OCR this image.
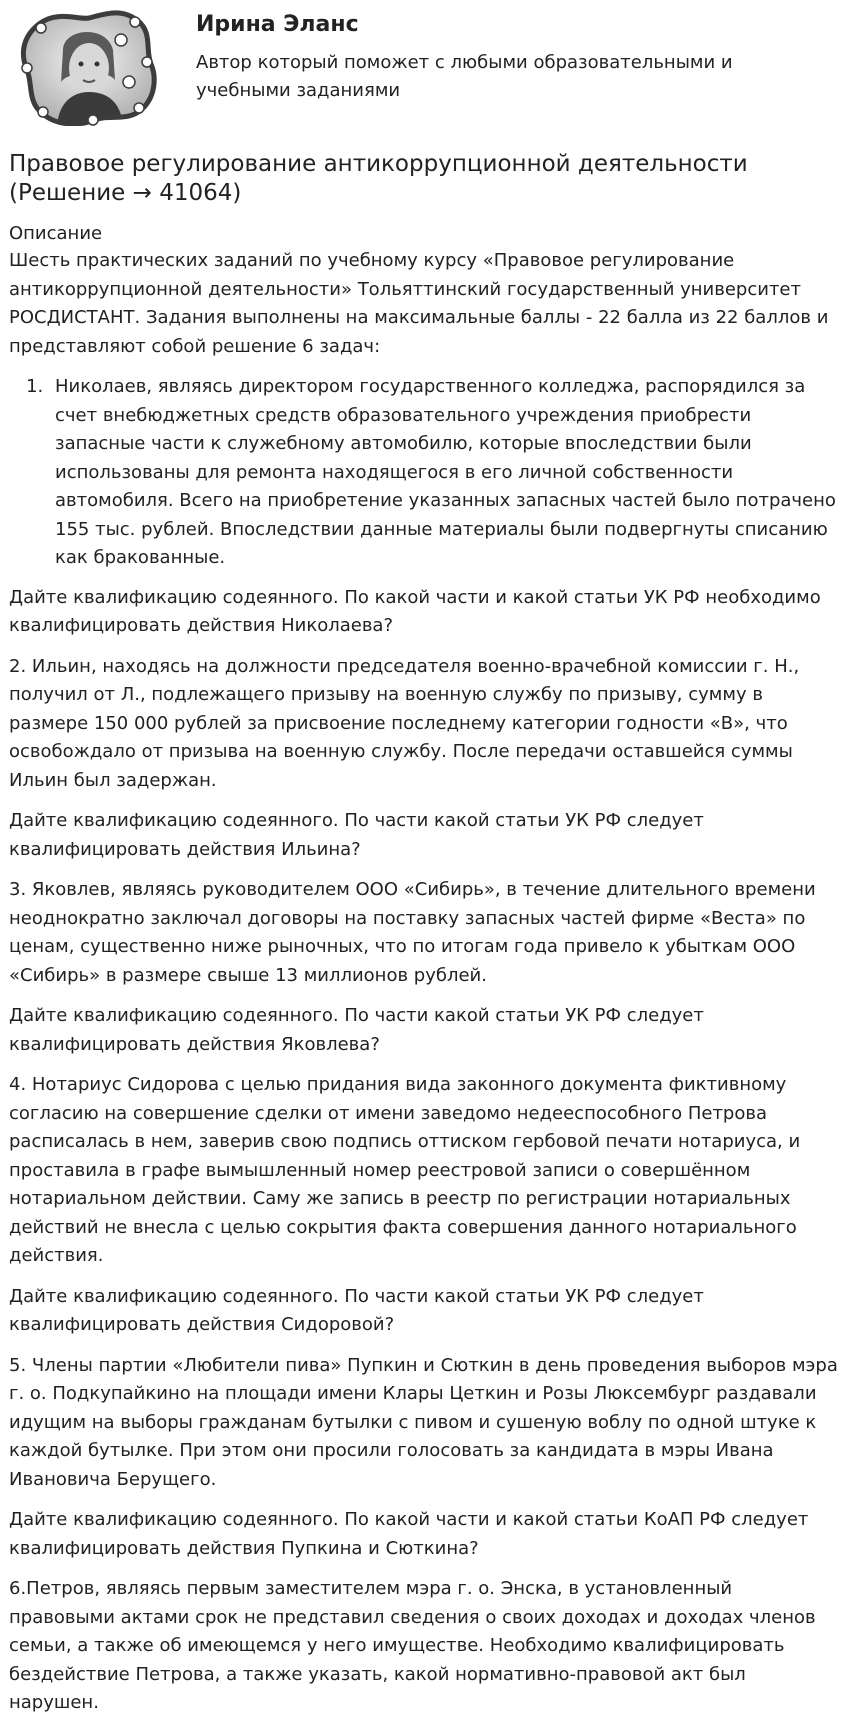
Ирина Эланс

Автор который поможет с любыми образовательными и учебными заданиями

Правовое регулирование антикоррупционной деятельности (Решение → 41064)
Описание

Шесть практических заданий по учебному курсу «Правовое регулирование антикоррупционной деятельности» Тольяттинский государственный университет РОСДИСТАНТ. Задания выполнены на максимальные баллы - 22 балла из 22 баллов и представляют собой решение 6 задач:

1. Николаев, являясь директором государственного колледжа, распорядился за счет внебюджетных средств образовательного учреждения приобрести запасные части к служебному автомобилю, которые впоследствии были использованы для ремонта находящегося в его личной собственности автомобиля. Всего на приобретение указанных запасных частей было потрачено 155 тыс. рублей. Впоследствии данные материалы были подвергнуты списанию как бракованные.

Дайте квалификацию содеянного. По какой части и какой статьи УК РФ необходимо квалифицировать действия Николаева?

2. Ильин, находясь на должности председателя военно-врачебной комиссии г. Н., получил от Л., подлежащего призыву на военную службу по призыву, сумму в размере 150 000 рублей за присвоение последнему категории годности «В», что освобождало от призыва на военную службу. После передачи оставшейся суммы Ильин был задержан.

Дайте квалификацию содеянного. По части какой статьи УК РФ следует квалифицировать действия Ильина?

3. Яковлев, являясь руководителем ООО «Сибирь», в течение длительного времени неоднократно заключал договоры на поставку запасных частей фирме «Веста» по ценам, существенно ниже рыночных, что по итогам года привело к убыткам ООО «Сибирь» в размере свыше 13 миллионов рублей.

Дайте квалификацию содеянного. По части какой статьи УК РФ следует квалифицировать действия Яковлева?

4. Нотариус Сидорова с целью придания вида законного документа фиктивному согласию на совершение сделки от имени заведомо недееспособного Петрова расписалась в нем, заверив свою подпись оттиском гербовой печати нотариуса, и проставила в графе вымышленный номер реестровой записи о совершённом нотариальном действии. Саму же запись в реестр по регистрации нотариальных действий не внесла с целью сокрытия факта совершения данного нотариального действия.

Дайте квалификацию содеянного. По части какой статьи УК РФ следует квалифицировать действия Сидоровой?

5. Члены партии «Любители пива» Пупкин и Сюткин в день проведения выборов мэра г. о. Подкупайкино на площади имени Клары Цеткин и Розы Люксембург раздавали идущим на выборы гражданам бутылки с пивом и сушеную воблу по одной штуке к каждой бутылке. При этом они просили голосовать за кандидата в мэры Ивана Ивановича Берущего.

Дайте квалификацию содеянного. По какой части и какой статьи КоАП РФ следует квалифицировать действия Пупкина и Сюткина?

6.Петров, являясь первым заместителем мэра г. о. Энска, в установленный правовыми актами срок не представил сведения о своих доходах и доходах членов семьи, а также об имеющемся у него имуществе. Необходимо квалифицировать бездействие Петрова, а также указать, какой нормативно-правовой акт был нарушен.
